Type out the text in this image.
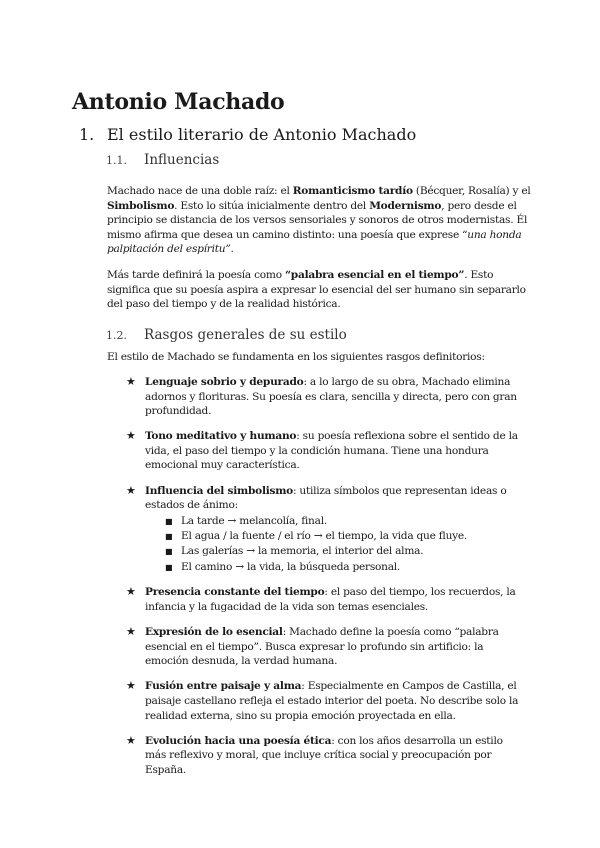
Antonio Machado
1. El estilo literario de Antonio Machado
1.1. Influencias

Machado nace de una doble raíz: el Romanticismo tardío (Bécquer, Rosalía) y el Simbolismo. Esto lo sitúa inicialmente dentro del Modernismo, pero desde el principio se distancia de los versos sensoriales y sonoros de otros modernistas. Él mismo afirma que desea un camino distinto: una poesía que exprese “una honda palpitación del espíritu”.

Más tarde definirá la poesía como “palabra esencial en el tiempo”. Esto significa que su poesía aspira a expresar lo esencial del ser humano sin separarlo del paso del tiempo y de la realidad histórica.

1.2. Rasgos generales de su estilo

El estilo de Machado se fundamenta en los siguientes rasgos definitorios:

★ Lenguaje sobrio y depurado: a lo largo de su obra, Machado elimina adornos y florituras. Su poesía es clara, sencilla y directa, pero con gran profundidad.
★ Tono meditativo y humano: su poesía reflexiona sobre el sentido de la vida, el paso del tiempo y la condición humana. Tiene una hondura emocional muy característica.
★ Influencia del simbolismo: utiliza símbolos que representan ideas o estados de ánimo:
■ La tarde → melancolía, final.
■ El agua / la fuente / el río → el tiempo, la vida que fluye.
■ Las galerías → la memoria, el interior del alma.
■ El camino → la vida, la búsqueda personal.
★ Presencia constante del tiempo: el paso del tiempo, los recuerdos, la infancia y la fugacidad de la vida son temas esenciales.
★ Expresión de lo esencial: Machado define la poesía como “palabra esencial en el tiempo”. Busca expresar lo profundo sin artificio: la emoción desnuda, la verdad humana.
★ Fusión entre paisaje y alma: Especialmente en Campos de Castilla, el paisaje castellano refleja el estado interior del poeta. No describe solo la realidad externa, sino su propia emoción proyectada en ella.
★ Evolución hacia una poesía ética: con los años desarrolla un estilo más reflexivo y moral, que incluye crítica social y preocupación por España.
